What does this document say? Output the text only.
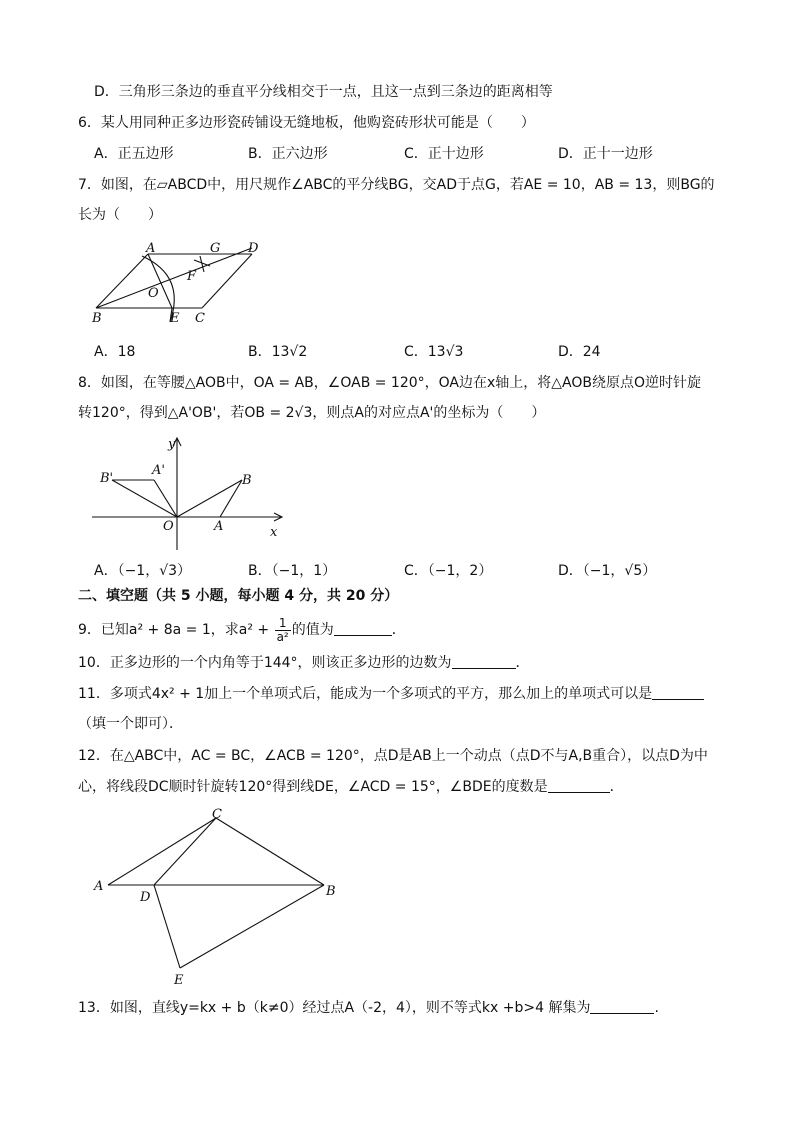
D．三角形三条边的垂直平分线相交于一点，且这一点到三条边的距离相等
6．某人用同种正多边形瓷砖铺设无缝地板，他购瓷砖形状可能是（　　）
A．正五边形	B．正六边形	C．正十边形	D．正十一边形
7．如图，在▱ABCD中，用尺规作∠ABC的平分线BG，交AD于点G，若AE = 10，AB = 13，则BG的
长为（　　）
A	G D
F
O
B	E C
A．18	B．13√2	C．13√3	D．24
8．如图，在等腰△AOB中，OA = AB，∠OAB = 120°，OA边在x轴上，将△AOB绕原点O逆时针旋
转120°，得到△A'OB'，若OB = 2√3，则点A的对应点A'的坐标为（　　）
y
x
B'
A'
B
O	A
A．（−1，√3）	B．（−1，1）	C．（−1，2）	D．（−1，√5）
二、填空题（共 5 小题，每小题 4 分，共 20 分）
9．已知a² + 8a = 1，求$a^2 + \frac{1}{\text{a²}}$ 的值为	．
10．正多边形的一个内角等于144°，则该正多边形的边数为	．
11．多项式4x² + 1加上一个单项式后，能成为一个多项式的平方，那么加上的单项式可以是
（填一个即可）．
12．在△ABC中，AC = BC，∠ACB = 120°，点D是AB上一个动点（点D不与A,B重合），以点D为中
心，将线段DC顺时针旋转120°得到线DE，∠ACD = 15°，∠BDE的度数是	．
C
A
D	B
E
13．如图，直线y=kx + b（k≠0）经过点A（-2，4），则不等式kx +b>4 解集为	.
